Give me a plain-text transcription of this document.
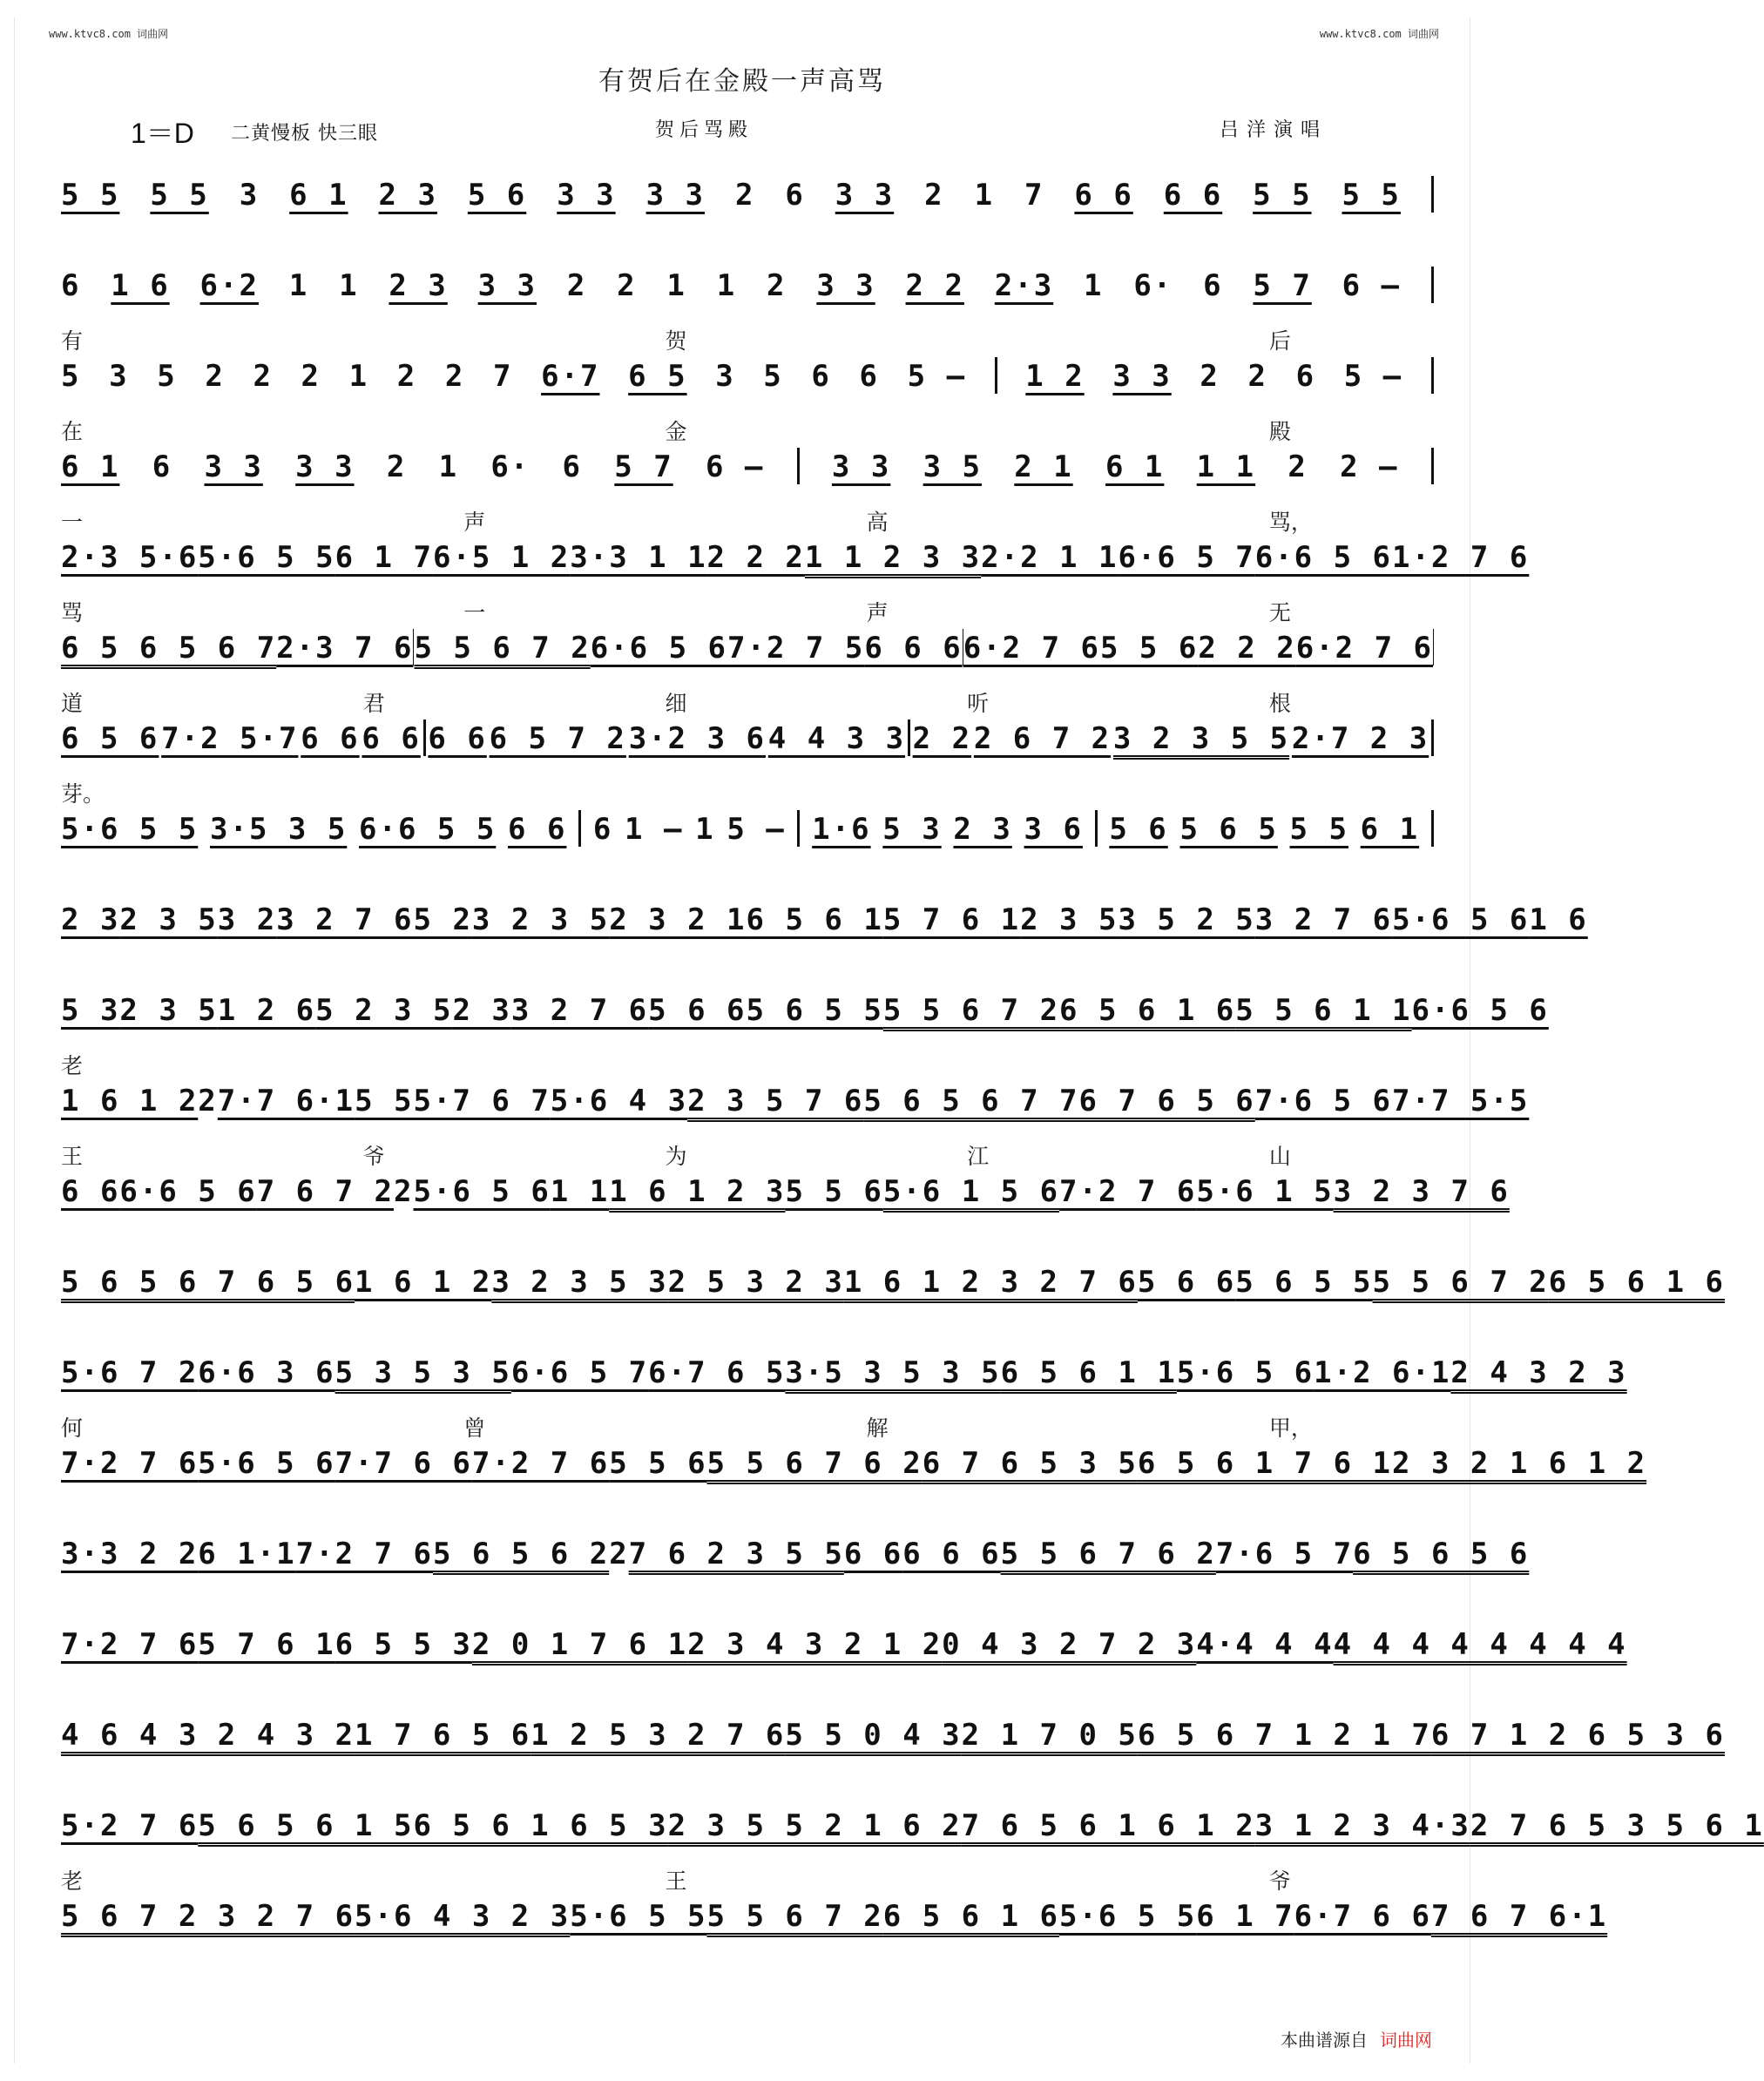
www.ktvc8.com 词曲网	www.ktvc8.com 词曲网
有贺后在金殿一声高骂
1＝D 二黄慢板 快三眼	贺后骂殿	吕洋演唱
5 5 5 5 3 6 1 2 3 5 6 3 3 3 3 2 6 3 3 2 1 7 6 6 6 6 5 5 5 5
6 1 6 6·2 1 1 2 3 3 3 2 2 1 1 2 3 3 2 2 2·3 1 6· 6 5 7 6 –
有	贺	后
5 3 5 2 2 2 1 2 2 7 6·7 6 5 3 5 6 6 5 – 1 2 3 3 2 2 6 5 –
在	金	殿
6 1 6 3 3 3 3 2 1 6· 6 5 7 6 – 3 3 3 5 2 1 6 1 1 1 2 2 –
一	声	高	骂，
2·3 5·6 5·6 5 5 6 1 7 6·5 1 2 3·3 1 1 2 2 2 1 1 2 3 3 2·2 1 1 6·6 5 7 6·6 5 6 1·2 7 6
骂	一	声	无
6 5 6 5 6 7 2·3 7 6 5 5 6 7 2 6·6 5 6 7·2 7 5 6 6 6 6·2 7 6 5 5 6 2 2 2 6·2 7 6
道	君	细	听	根
6 5 6 7·2 5·7 6 6 6 6 6 6 6 5 7 2 3·2 3 6 4 4 3 3 2 2 2 6 7 2 3 2 3 5 5 2·7 2 3
芽。
5·6 5 5 3·5 3 5 6·6 5 5 6 6 6 1 – 1 5 – 1·6 5 3 2 3 3 6 5 6 5 6 5 5 5 6 1
2 3 2 3 5 3 2 3 2 7 6 5 2 3 2 3 5 2 3 2 1 6 5 6 1 5 7 6 1 2 3 5 3 5 2 5 3 2 7 6 5·6 5 6 1 6
5 3 2 3 5 1 2 6 5 2 3 5 2 3 3 2 7 6 5 6 6 5 6 5 5 5 5 6 7 2 6 5 6 1 6 5 5 6 1 1 6·6 5 6
老
1 6 1 2 2 7·7 6·1 5 5 5·7 6 7 5·6 4 3 2 3 5 7 6 5 6 5 6 7 7 6 7 6 5 6 7·6 5 6 7·7 5·5
王	爷	为	江	山
6 6 6·6 5 6 7 6 7 2 2 5·6 5 6 1 1 1 6 1 2 3 5 5 6 5·6 1 5 6 7·2 7 6 5·6 1 5 3 2 3 7 6
5 6 5 6 7 6 5 6 1 6 1 2 3 2 3 5 3 2 5 3 2 3 1 6 1 2 3 2 7 6 5 6 6 5 6 5 5 5 5 6 7 2 6 5 6 1 6
5·6 7 2 6·6 3 6 5 3 5 3 5 6·6 5 7 6·7 6 5 3·5 3 5 3 5 6 5 6 1 1 5·6 5 6 1·2 6·1 2 4 3 2 3
何	曾	解	甲，
7·2 7 6 5·6 5 6 7·7 6 6 7·2 7 6 5 5 6 5 5 6 7 6 2 6 7 6 5 3 5 6 5 6 1 7 6 1 2 3 2 1 6 1 2
3·3 2 2 6 1·1 7·2 7 6 5 6 5 6 2 2 7 6 2 3 5 5 6 6 6 6 6 5 5 6 7 6 2 7·6 5 7 6 5 6 5 6
7·2 7 6 5 7 6 1 6 5 5 3 2 0 1 7 6 1 2 3 4 3 2 1 2 0 4 3 2 7 2 3 4·4 4 4 4 4 4 4 4 4 4 4
4 6 4 3 2 4 3 2 1 7 6 5 6 1 2 5 3 2 7 6 5 5 0 4 3 2 1 7 0 5 6 5 6 7 1 2 1 7 6 7 1 2 6 5 3 6
5·2 7 6 5 6 5 6 1 5 6 5 6 1 6 5 3 2 3 5 5 2 1 6 2 7 6 5 6 1 6 1 2 3 1 2 3 4·3 2 7 6 5 3 5 6 1
老	王	爷
5 6 7 2 3 2 7 6 5·6 4 3 2 3 5·6 5 5 5 5 6 7 2 6 5 6 1 6 5·6 5 5 6 1 7 6·7 6 6 7 6 7 6·1
本曲谱源自 词曲网
